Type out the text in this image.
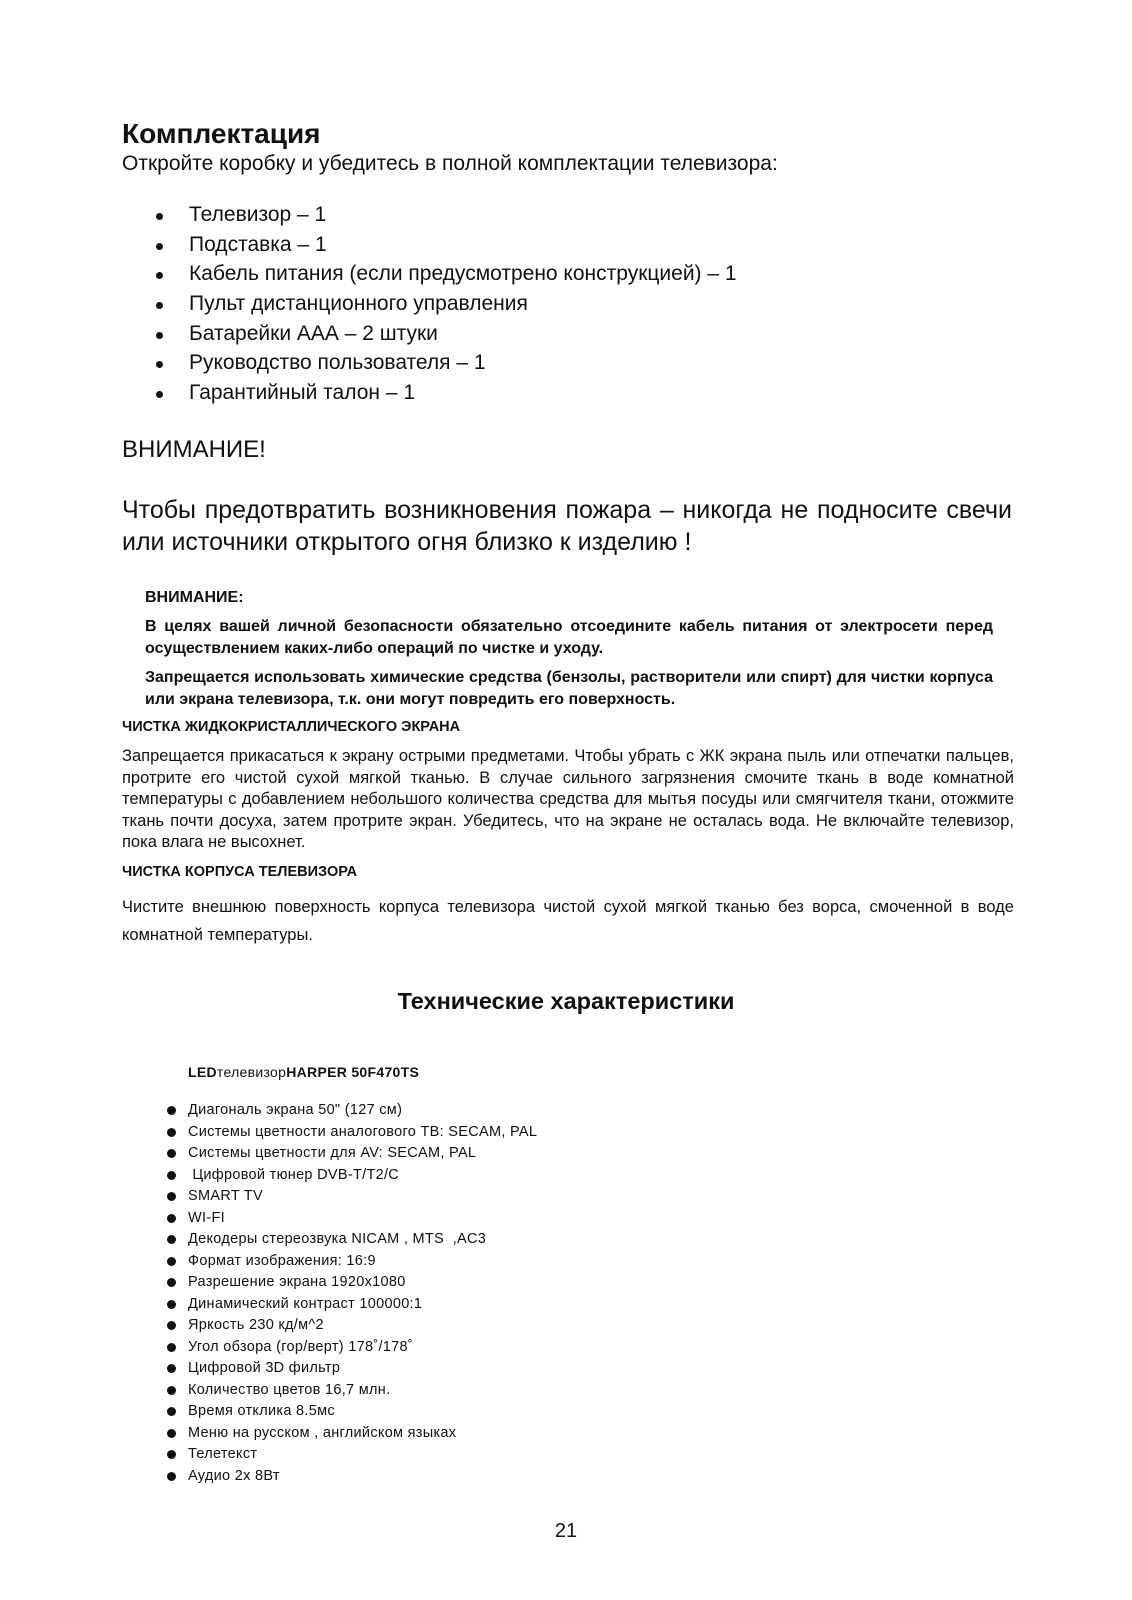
Комплектация

Откройте коробку и убедитесь в полной комплектации телевизора:

Телевизор – 1
Подставка – 1
Кабель питания (если предусмотрено конструкцией) – 1
Пульт дистанционного управления
Батарейки ААА – 2 штуки
Руководство пользователя – 1
Гарантийный талон – 1

ВНИМАНИЕ!

Чтобы предотвратить возникновения пожара – никогда не подносите свечи или источники открытого огня близко к изделию !

ВНИМАНИЕ:

В целях вашей личной безопасности обязательно отсоедините кабель питания от электросети перед осуществлением каких-либо операций по чистке и уходу.

Запрещается использовать химические средства (бензолы, растворители или спирт) для чистки корпуса или экрана телевизора, т.к. они могут повредить его поверхность.

ЧИСТКА ЖИДКОКРИСТАЛЛИЧЕСКОГО ЭКРАНА

Запрещается прикасаться к экрану острыми предметами. Чтобы убрать с ЖК экрана пыль или отпечатки пальцев, протрите его чистой сухой мягкой тканью. В случае сильного загрязнения смочите ткань в воде комнатной температуры с добавлением небольшого количества средства для мытья посуды или смягчителя ткани, отожмите ткань почти досуха, затем протрите экран. Убедитесь, что на экране не осталась вода. Не включайте телевизор, пока влага не высохнет.

ЧИСТКА КОРПУСА ТЕЛЕВИЗОРА

Чистите внешнюю поверхность корпуса телевизора чистой сухой мягкой тканью без ворса, смоченной в воде комнатной температуры.

Технические характеристики

LEDтелевизорHARPER 50F470TS

Диагональ экрана 50" (127 см)
Системы цветности аналогового ТВ: SECAM, PAL
Системы цветности для AV: SECAM, PAL
Цифровой тюнер DVB-T/T2/C
SMART TV
WI-FI
Декодеры стереозвука NICAM , MTS  ,AC3
Формат изображения: 16:9
Разрешение экрана 1920x1080
Динамический контраст 100000:1
Яркость 230 кд/м^2
Угол обзора (гор/верт) 178˚/178˚
Цифровой 3D фильтр
Количество цветов 16,7 млн.
Время отклика 8.5мс
Меню на русском , английском языках
Телетекст
Аудио 2х 8Вт

21
